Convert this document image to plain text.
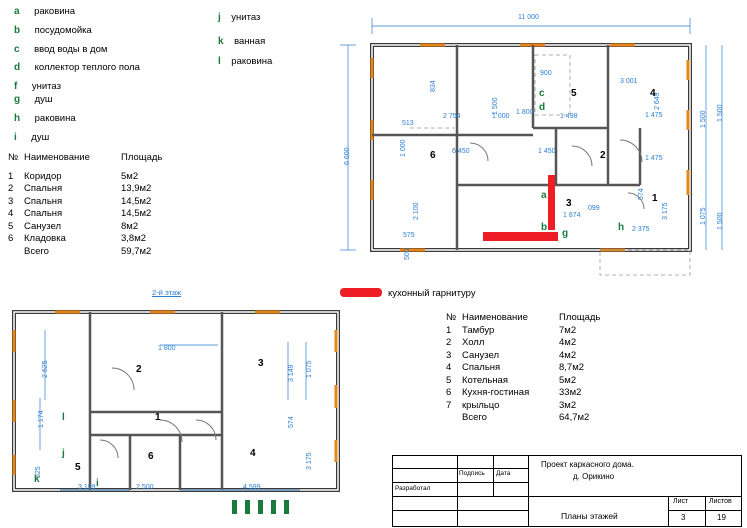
a раковина
b посудомойка
c ввод воды в дом
d коллектор теплого пола
f унитаз
g душ
h раковина
i душ
j унитаз
k ванная
l раковина
№	Наименование	Площадь

1	Коридор	5м2
2	Спальня	13,9м2
3	Спальня	14,5м2
4	Спальня	14,5м2
5	Санузел	8м2
6	Кладовка	3,8м2
	Всего	59,7м2
2-й этаж	кухонный гарнитуру
№	Наименование	Площадь
1	Тамбур	7м2
2	Холл	4м2
3	Санузел	4м2
4	Спальня	8,7м2
5	Котельная	5м2
6	Кухня-гостиная	33м2
7	крыльцо	3м2
	Всего	64,7м2
11 000
6 600
834
900
3 001
1 500
2 754	1 000
1 800
1 498
2 649
1 500
513
1 000	6 450	1 450
1 475
1 475
1 500
1 075
574
3 175
2 100	1 874
099
2 375
575
500
1 500
5	4
6	2
3	1
c
d
a
b
g
h
2 625
1 800
3 149 1 075
1 174	574
3 175
525
3 199	2 500	4 599
1
2
3
4
5
6
l
j
i
k
Подпись Дата
Разработал
Проект каркасного дома.
д. Орикино
Планы этажей
Лист	Листов
3	19
